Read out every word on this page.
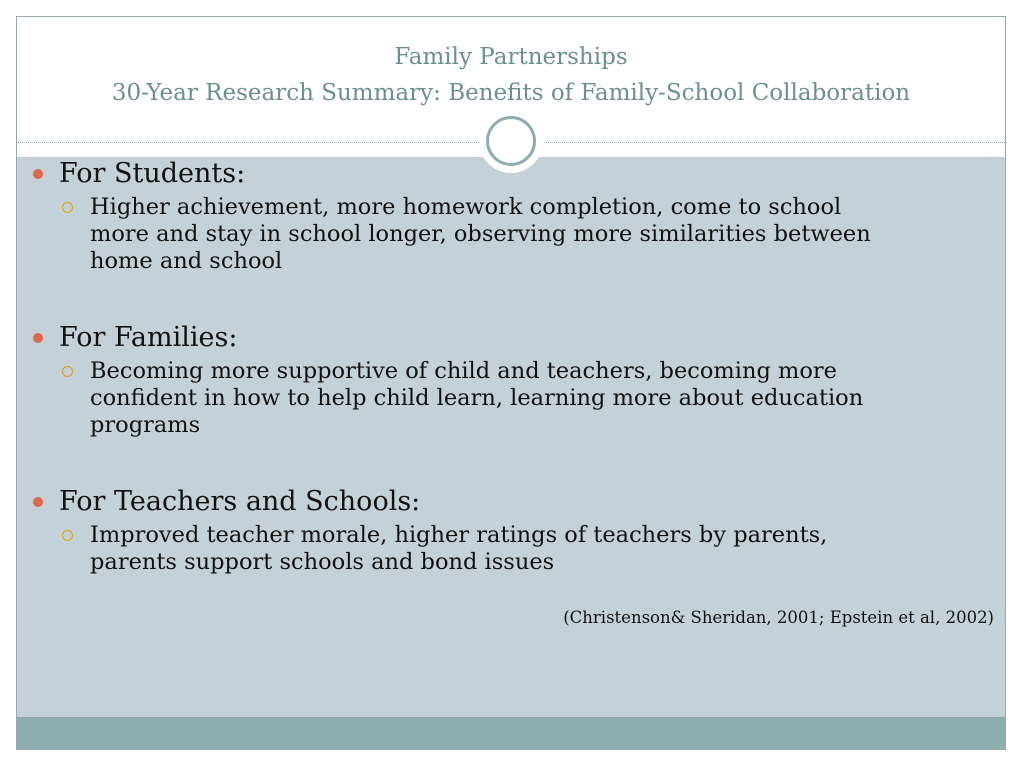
Family Partnerships
30-Year Research Summary: Benefits of Family-School Collaboration
For Students:
Higher achievement, more homework completion, come to school
more and stay in school longer, observing more similarities between
home and school
For Families:
Becoming more supportive of child and teachers, becoming more
confident in how to help child learn, learning more about education
programs
For Teachers and Schools:
Improved teacher morale, higher ratings of teachers by parents,
parents support schools and bond issues
(Christenson& Sheridan, 2001; Epstein et al, 2002)
